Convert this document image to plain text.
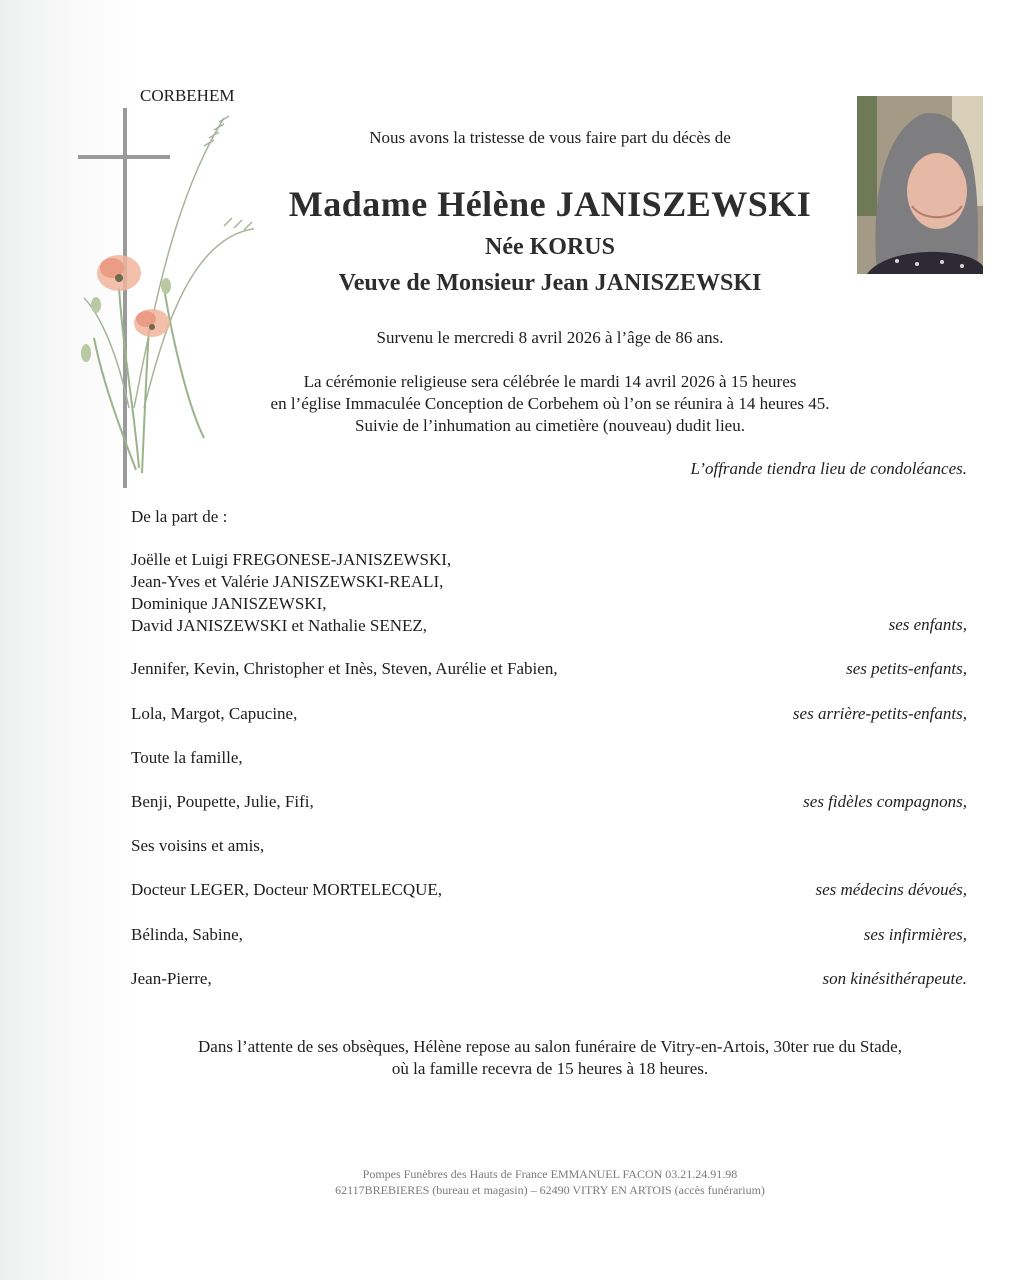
CORBEHEM
Nous avons la tristesse de vous faire part du décès de
Madame Hélène JANISZEWSKI
Née KORUS
Veuve de Monsieur Jean JANISZEWSKI
Survenu le mercredi 8 avril 2026 à l’âge de 86 ans.
La cérémonie religieuse sera célébrée le mardi 14 avril 2026 à 15 heures
en l’église Immaculée Conception de Corbehem où l’on se réunira à 14 heures 45.
Suivie de l’inhumation au cimetière (nouveau) dudit lieu.
L’offrande tiendra lieu de condoléances.
De la part de :
Joëlle et Luigi FREGONESE-JANISZEWSKI,
Jean-Yves et Valérie JANISZEWSKI-REALI,
Dominique JANISZEWSKI,
David JANISZEWSKI et Nathalie SENEZ,	ses enfants,
Jennifer, Kevin, Christopher et Inès, Steven, Aurélie et Fabien,	ses petits-enfants,
Lola, Margot, Capucine,	ses arrière-petits-enfants,
Toute la famille,
Benji, Poupette, Julie, Fifi,	ses fidèles compagnons,
Ses voisins et amis,
Docteur LEGER, Docteur MORTELECQUE,	ses médecins dévoués,
Bélinda, Sabine,	ses infirmières,
Jean-Pierre,	son kinésithérapeute.
Dans l’attente de ses obsèques, Hélène repose au salon funéraire de Vitry-en-Artois, 30ter rue du Stade,
où la famille recevra de 15 heures à 18 heures.
Pompes Funèbres des Hauts de France EMMANUEL FACON 03.21.24.91.98
62117BREBIERES (bureau et magasin) – 62490 VITRY EN ARTOIS (accès funérarium)
